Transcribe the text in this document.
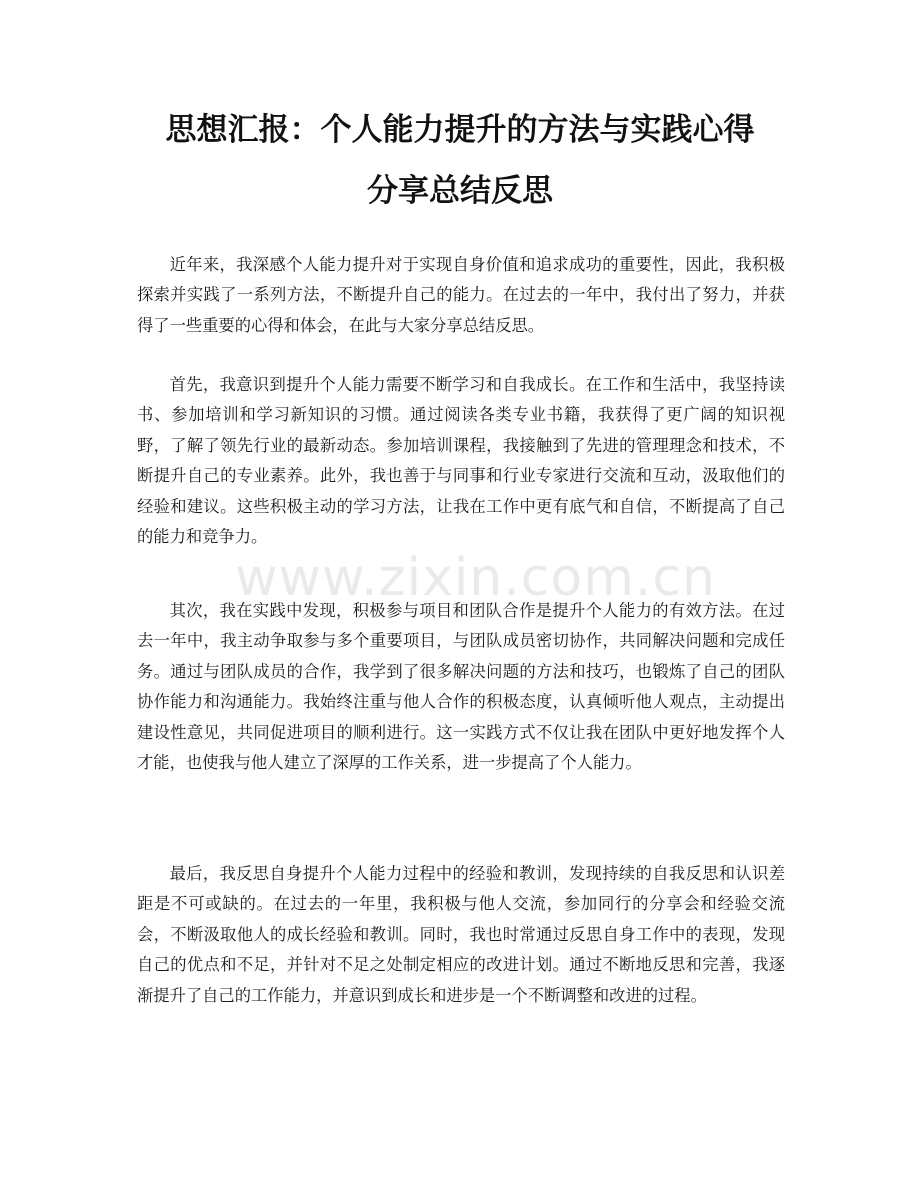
思想汇报：个人能力提升的方法与实践心得
分享总结反思

近年来，我深感个人能力提升对于实现自身价值和追求成功的重要性，因此，我积极探索并实践了一系列方法，不断提升自己的能力。在过去的一年中，我付出了努力，并获得了一些重要的心得和体会，在此与大家分享总结反思。

首先，我意识到提升个人能力需要不断学习和自我成长。在工作和生活中，我坚持读书、参加培训和学习新知识的习惯。通过阅读各类专业书籍，我获得了更广阔的知识视野，了解了领先行业的最新动态。参加培训课程，我接触到了先进的管理理念和技术，不断提升自己的专业素养。此外，我也善于与同事和行业专家进行交流和互动，汲取他们的经验和建议。这些积极主动的学习方法，让我在工作中更有底气和自信，不断提高了自己的能力和竞争力。

其次，我在实践中发现，积极参与项目和团队合作是提升个人能力的有效方法。在过去一年中，我主动争取参与多个重要项目，与团队成员密切协作，共同解决问题和完成任务。通过与团队成员的合作，我学到了很多解决问题的方法和技巧，也锻炼了自己的团队协作能力和沟通能力。我始终注重与他人合作的积极态度，认真倾听他人观点，主动提出建设性意见，共同促进项目的顺利进行。这一实践方式不仅让我在团队中更好地发挥个人才能，也使我与他人建立了深厚的工作关系，进一步提高了个人能力。

最后，我反思自身提升个人能力过程中的经验和教训，发现持续的自我反思和认识差距是不可或缺的。在过去的一年里，我积极与他人交流，参加同行的分享会和经验交流会，不断汲取他人的成长经验和教训。同时，我也时常通过反思自身工作中的表现，发现自己的优点和不足，并针对不足之处制定相应的改进计划。通过不断地反思和完善，我逐渐提升了自己的工作能力，并意识到成长和进步是一个不断调整和改进的过程。

www.zixin.com.cn
